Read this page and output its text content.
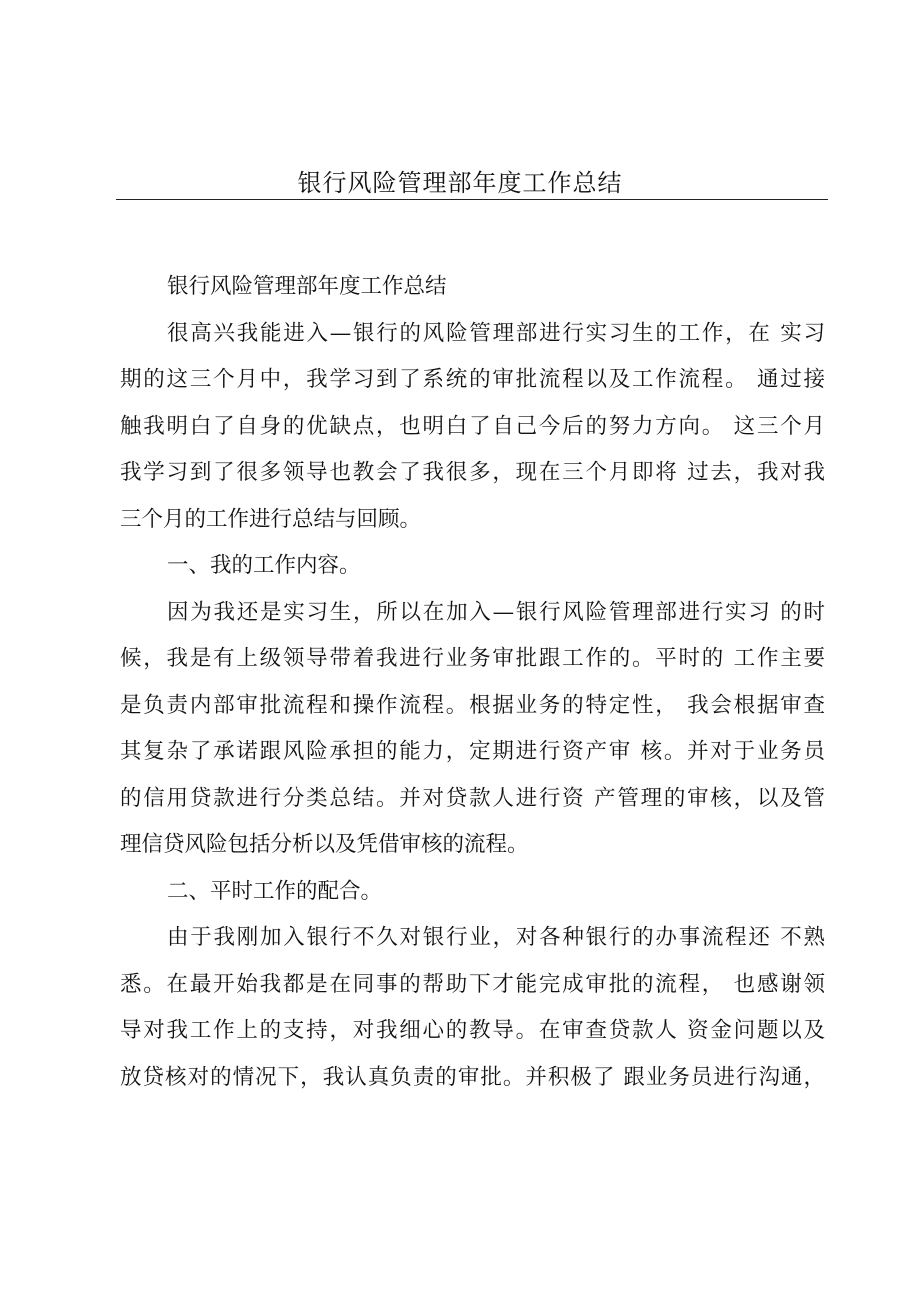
银行风险管理部年度工作总结
银行风险管理部年度工作总结
很高兴我能进入—银行的风险管理部进行实习生的工作，在 实习
期的这三个月中，我学习到了系统的审批流程以及工作流程。 通过接
触我明白了自身的优缺点，也明白了自己今后的努力方向。 这三个月
我学习到了很多领导也教会了我很多，现在三个月即将 过去，我对我
三个月的工作进行总结与回顾。
一、我的工作内容。
因为我还是实习生，所以在加入—银行风险管理部进行实习 的时
候，我是有上级领导带着我进行业务审批跟工作的。平时的 工作主要
是负责内部审批流程和操作流程。根据业务的特定性， 我会根据审查
其复杂了承诺跟风险承担的能力，定期进行资产审 核。并对于业务员
的信用贷款进行分类总结。并对贷款人进行资 产管理的审核，以及管
理信贷风险包括分析以及凭借审核的流程。
二、平时工作的配合。
由于我刚加入银行不久对银行业，对各种银行的办事流程还 不熟
悉。在最开始我都是在同事的帮助下才能完成审批的流程， 也感谢领
导对我工作上的支持，对我细心的教导。在审查贷款人 资金问题以及
放贷核对的情况下，我认真负责的审批。并积极了 跟业务员进行沟通，
